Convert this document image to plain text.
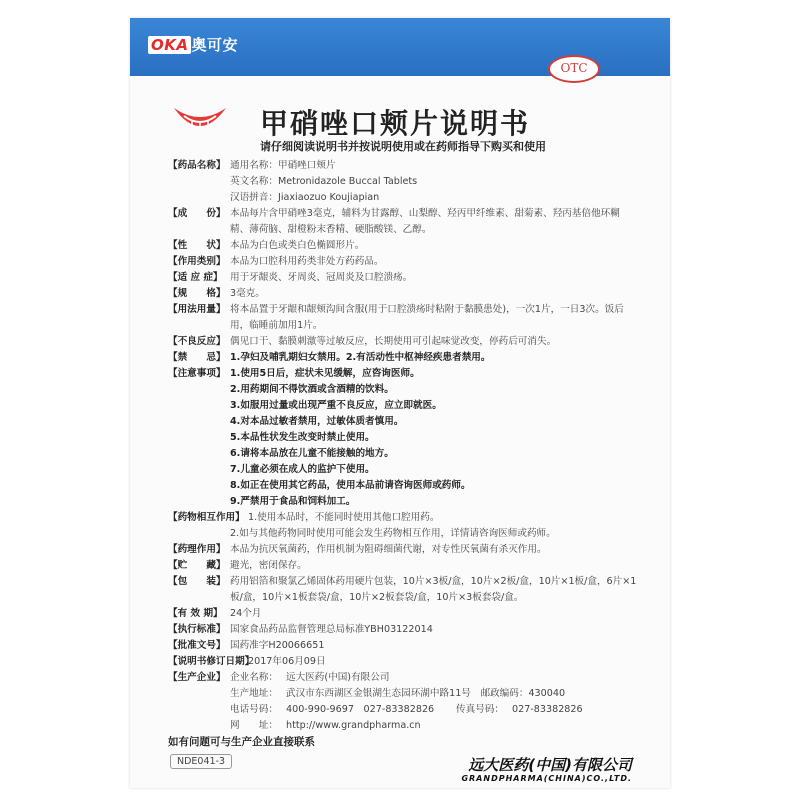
OKA 奥可安
OTC
甲硝唑口颊片说明书
请仔细阅读说明书并按说明使用或在药师指导下购买和使用
【药品名称】 通用名称： 甲硝唑口颊片
英文名称： Metronidazole Buccal Tablets
汉语拼音： Jiaxiaozuo Koujiapian
【成　　份】 本品每片含甲硝唑3毫克，辅料为甘露醇、山梨醇、羟丙甲纤维素、甜菊素、羟丙基倍他环糊精、薄荷脑、甜橙粉末香精、硬脂酸镁、乙醇。
【性　　状】 本品为白色或类白色椭圆形片。
【作用类别】 本品为口腔科用药类非处方药药品。
【适 应 症】 用于牙龈炎、牙周炎、冠周炎及口腔溃疡。
【规　　格】 3毫克。
【用法用量】 将本品置于牙龈和龈颊沟间含服(用于口腔溃疡时粘附于黏膜患处)，一次1片，一日3次。饭后用，临睡前加用1片。
【不良反应】 偶见口干、黏膜刺激等过敏反应，长期使用可引起味觉改变，停药后可消失。
【禁　　忌】 1.孕妇及哺乳期妇女禁用。2.有活动性中枢神经疾患者禁用。
【注意事项】 1.使用5日后，症状未见缓解，应咨询医师。
2.用药期间不得饮酒或含酒精的饮料。
3.如服用过量或出现严重不良反应，应立即就医。
4.对本品过敏者禁用，过敏体质者慎用。
5.本品性状发生改变时禁止使用。
6.请将本品放在儿童不能接触的地方。
7.儿童必须在成人的监护下使用。
8.如正在使用其它药品，使用本品前请咨询医师或药师。
9.严禁用于食品和饲料加工。
【药物相互作用】 1.使用本品时，不能同时使用其他口腔用药。
2.如与其他药物同时使用可能会发生药物相互作用，详情请咨询医师或药师。
【药理作用】 本品为抗厌氧菌药，作用机制为阻碍细菌代谢，对专性厌氧菌有杀灭作用。
【贮　　藏】 避光，密闭保存。
【包　　装】 药用铝箔和聚氯乙烯固体药用硬片包装，10片×3板/盒，10片×2板/盒，10片×1板/盒，6片×1板/盒，10片×1板套袋/盒，10片×2板套袋/盒，10片×3板套袋/盒。
【有 效 期】 24个月
【执行标准】 国家食品药品监督管理总局标准YBH03122014
【批准文号】 国药准字H20066651
【说明书修订日期】
2017年06月09日
【生产企业】 企业名称： 远大医药(中国)有限公司
生产地址： 武汉市东西湖区金银湖生态园环湖中路11号　邮政编码：430040
电话号码： 400-990-9697　027-83382826	传真号码： 027-83382826
网　　址： http://www.grandpharma.cn
如有问题可与生产企业直接联系
NDE041-3	远大医药(中国)有限公司
GRANDPHARMA(CHINA)CO.,LTD.
